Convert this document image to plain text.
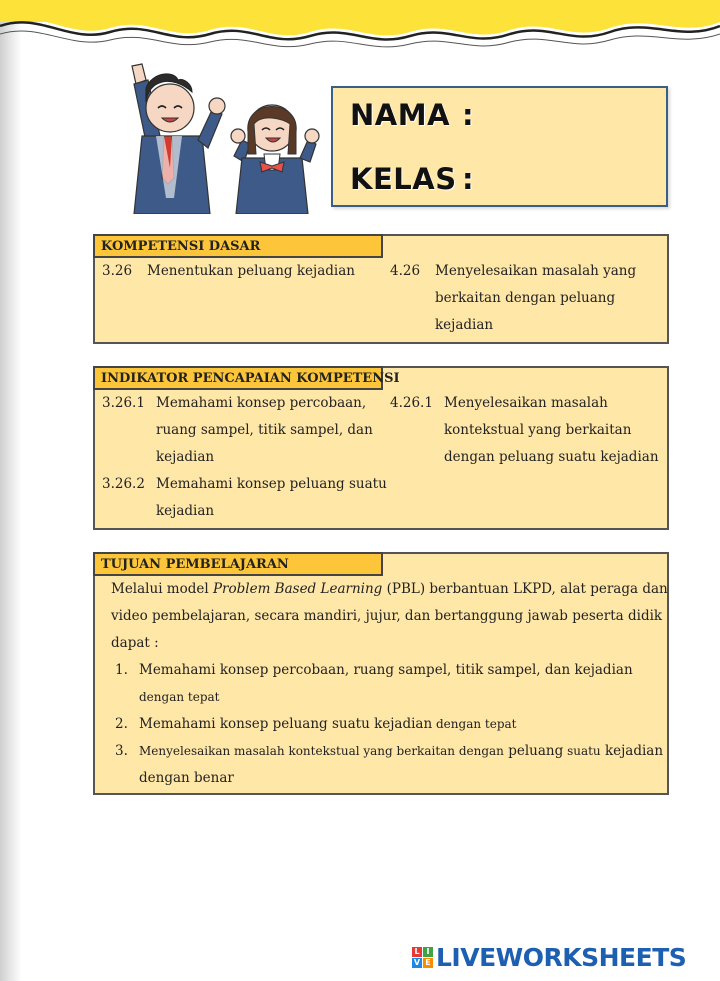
NAMA :
KELAS :
KOMPETENSI DASAR
3.26 Menentukan peluang kejadian	4.26 Menyelesaikan masalah yang
berkaitan dengan peluang
kejadian
INDIKATOR PENCAPAIAN KOMPETENSI
3.26.1 Memahami konsep percobaan,
ruang sampel, titik sampel, dan
kejadian
3.26.2 Memahami konsep peluang suatu
kejadian
4.26.1 Menyelesaikan masalah
kontekstual yang berkaitan
dengan peluang suatu kejadian
TUJUAN PEMBELAJARAN
Melalui model Problem Based Learning (PBL) berbantuan LKPD, alat peraga dan
video pembelajaran, secara mandiri, jujur, dan bertanggung jawab peserta didik
dapat :
1. Memahami konsep percobaan, ruang sampel, titik sampel, dan kejadian
dengan tepat
2. Memahami konsep peluang suatu kejadian dengan tepat
3. Menyelesaikan masalah kontekstual yang berkaitan dengan peluang suatu kejadian
dengan benar
L I
V E LIVEWORKSHEETS
